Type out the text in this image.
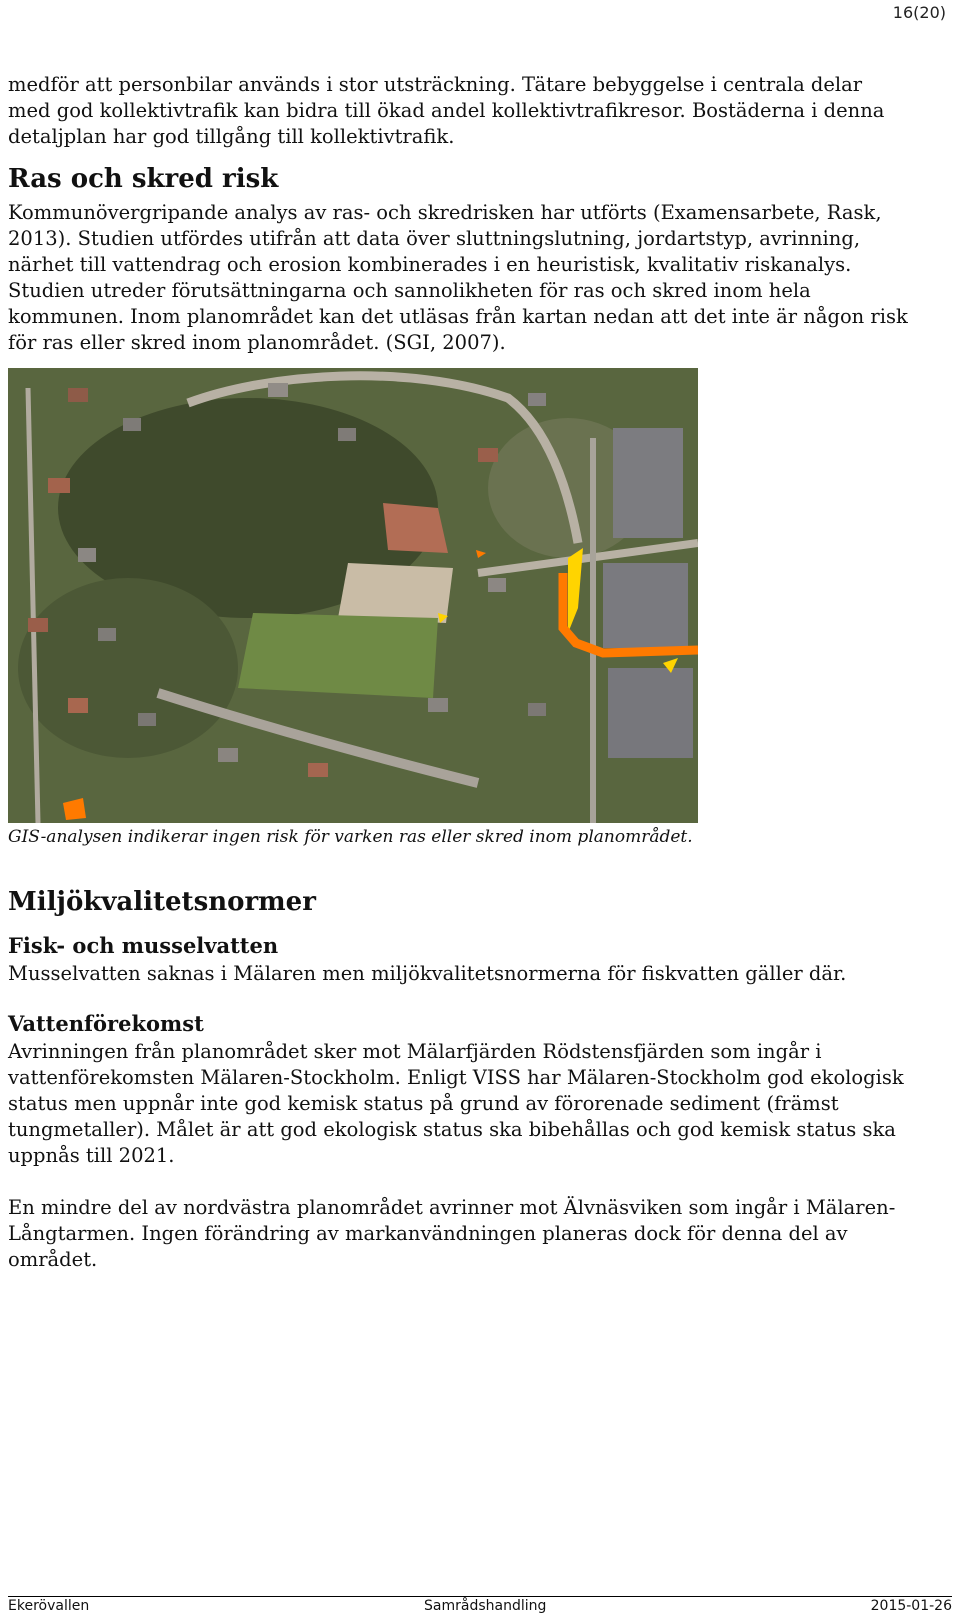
16(20)

medför att personbilar används i stor utsträckning. Tätare bebyggelse i centrala delar med god kollektivtrafik kan bidra till ökad andel kollektivtrafikresor. Bostäderna i denna detaljplan har god tillgång till kollektivtrafik.

Ras och skred risk

Kommunövergripande analys av ras- och skredrisken har utförts (Examensarbete, Rask, 2013). Studien utfördes utifrån att data över sluttningslutning, jordartstyp, avrinning, närhet till vattendrag och erosion kombinerades i en heuristisk, kvalitativ riskanalys. Studien utreder förutsättningarna och sannolikheten för ras och skred inom hela kommunen. Inom planområdet kan det utläsas från kartan nedan att det inte är någon risk för ras eller skred inom planområdet. (SGI, 2007).

GIS-analysen indikerar ingen risk för varken ras eller skred inom planområdet.

Miljökvalitetsnormer
Fisk- och musselvatten

Musselvatten saknas i Mälaren men miljökvalitetsnormerna för fiskvatten gäller där.

Vattenförekomst

Avrinningen från planområdet sker mot Mälarfjärden Rödstensfjärden som ingår i vattenförekomsten Mälaren-Stockholm. Enligt VISS har Mälaren-Stockholm god ekologisk status men uppnår inte god kemisk status på grund av förorenade sediment (främst tungmetaller). Målet är att god ekologisk status ska bibehållas och god kemisk status ska uppnås till 2021.

En mindre del av nordvästra planområdet avrinner mot Älvnäsviken som ingår i Mälaren-Långtarmen. Ingen förändring av markanvändningen planeras dock för denna del av området.

Ekerövallen	Samrådshandling	2015-01-26
